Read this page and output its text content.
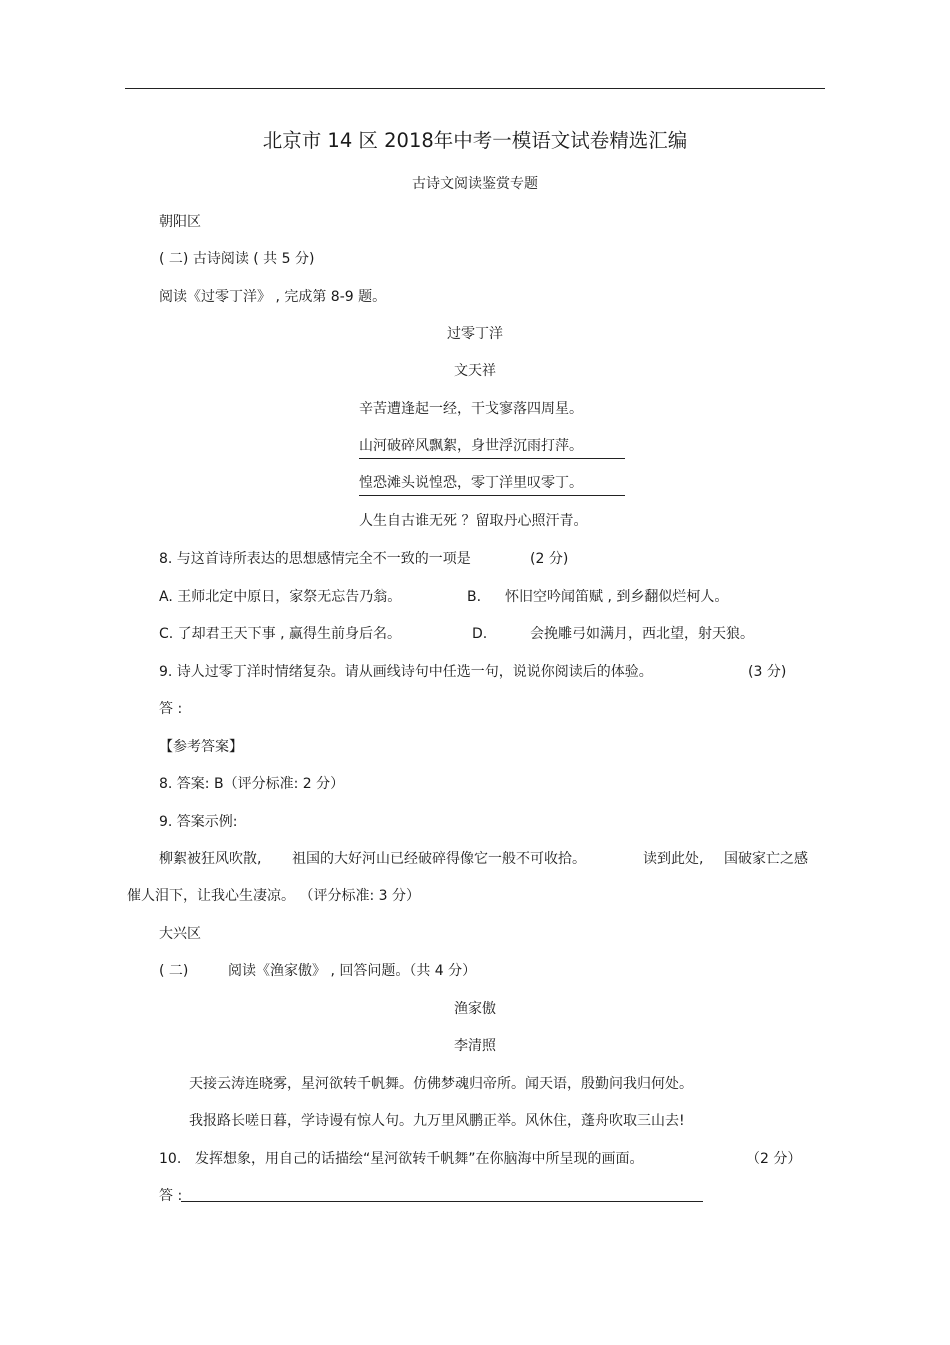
北京市 14 区 2018年中考一模语文试卷精选汇编
古诗文阅读鉴赏专题
朝阳区
( 二) 古诗阅读 ( 共 5 分)
阅读《过零丁洋》 , 完成第 8-9 题。
过零丁洋
文天祥
辛苦遭逢起一经，干戈寥落四周星。
山河破碎风飘絮，身世浮沉雨打萍。
惶恐滩头说惶恐，零丁洋里叹零丁。
人生自古谁无死 ？留取丹心照汗青。
8. 与这首诗所表达的思想感情完全不一致的一项是	(2 分)
A. 王师北定中原日，家祭无忘告乃翁。	B. 怀旧空吟闻笛赋 , 到乡翻似烂柯人。
C. 了却君王天下事 , 赢得生前身后名。	D.	会挽雕弓如满月，西北望，射天狼。
9. 诗人过零丁洋时情绪复杂。请从画线诗句中任选一句，说说你阅读后的体验。	(3 分)
答 :
【参考答案】
8. 答案: B（评分标准: 2 分）
9. 答案示例:
柳絮被狂风吹散, 祖国的大好河山已经破碎得像它一般不可收拾。	读到此处, 国破家亡之感
催人泪下，让我心生凄凉。 （评分标准: 3 分）
大兴区
( 二)	阅读《渔家傲》 , 回答问题。（共 4 分）
渔家傲
李清照
天接云涛连晓雾，星河欲转千帆舞。仿佛梦魂归帝所。闻天语，殷勤问我归何处。
我报路长嗟日暮，学诗谩有惊人句。九万里风鹏正举。风休住，蓬舟吹取三山去!
10. 发挥想象，用自己的话描绘“星河欲转千帆舞”在你脑海中所呈现的画面。	（2 分）
答 :
